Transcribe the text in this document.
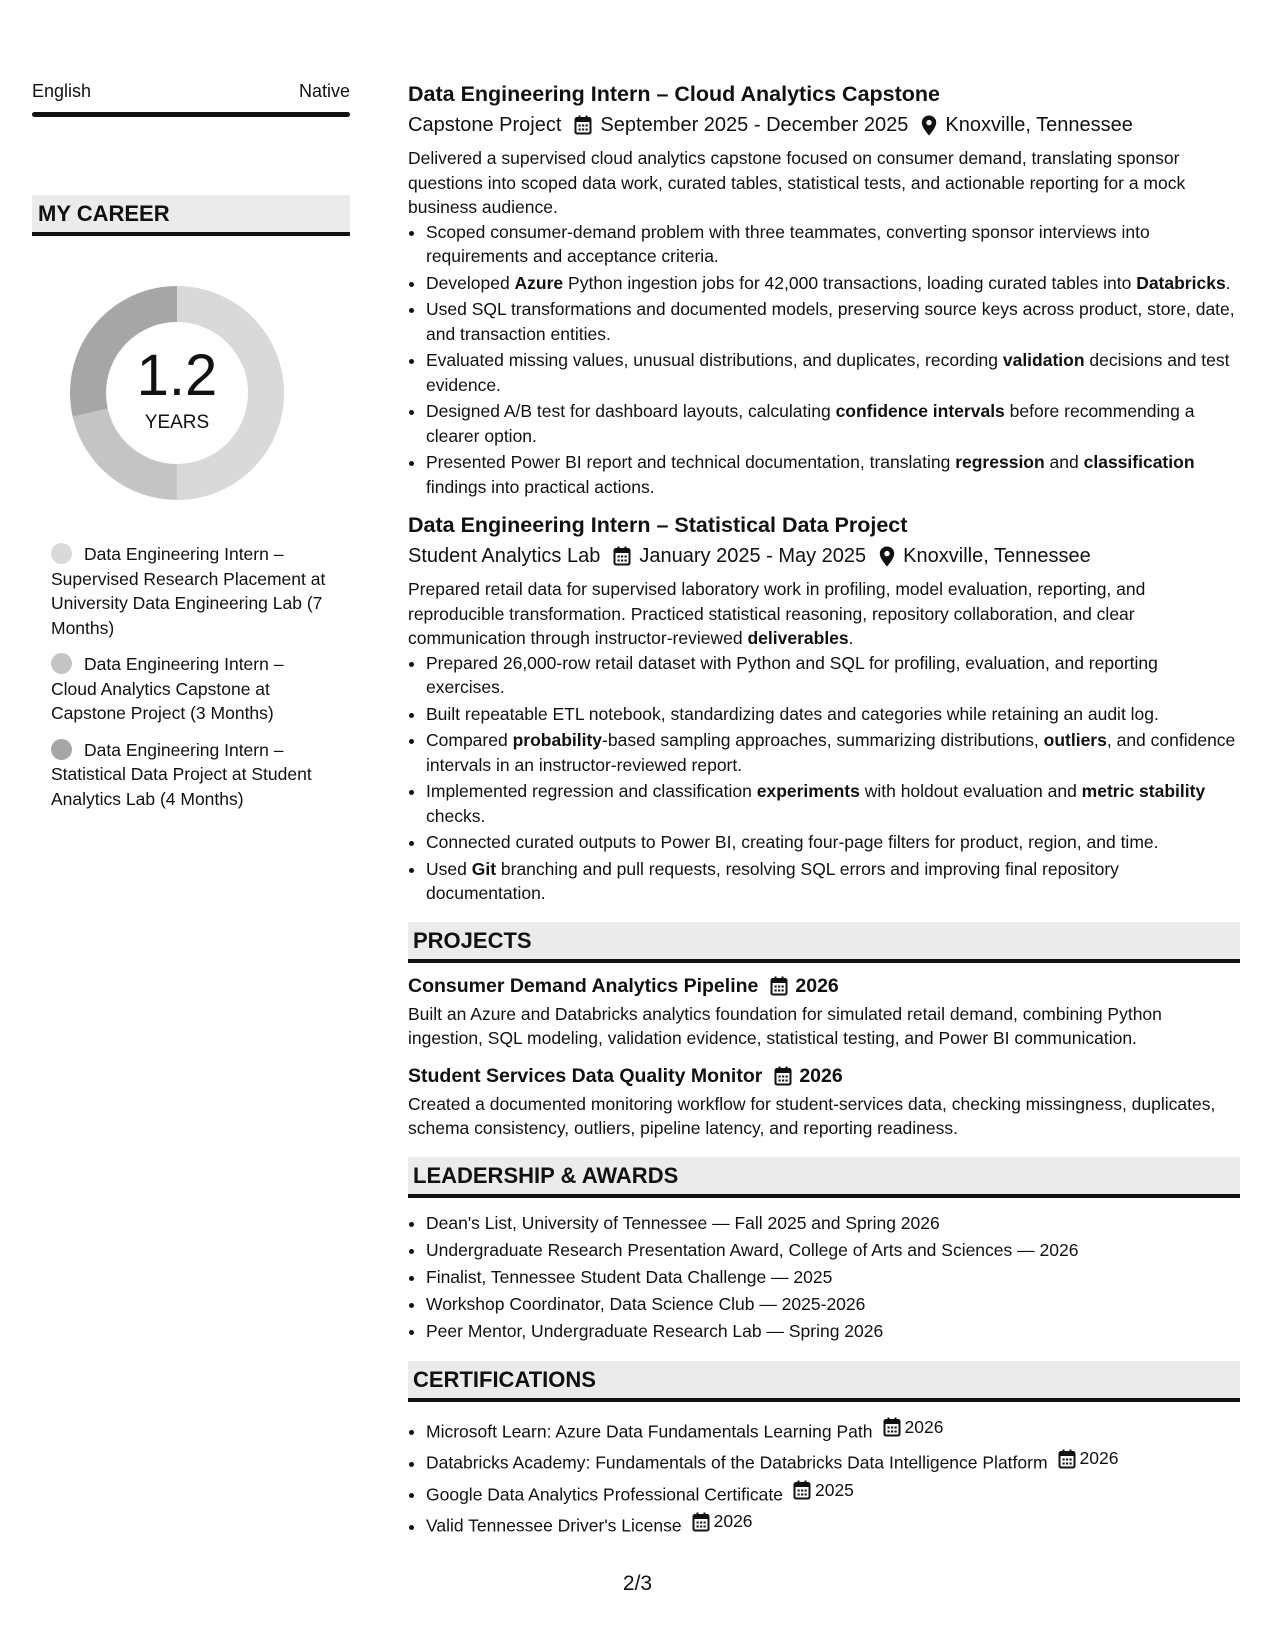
English	Native
MY CAREER
1.2
YEARS
Data Engineering Intern – Supervised Research Placement at University Data Engineering Lab (7 Months)
Data Engineering Intern – Cloud Analytics Capstone at Capstone Project (3 Months)
Data Engineering Intern – Statistical Data Project at Student Analytics Lab (4 Months)
Data Engineering Intern – Cloud Analytics Capstone
Capstone Project September 2025 - December 2025 Knoxville, Tennessee
Delivered a supervised cloud analytics capstone focused on consumer demand, translating sponsor questions into scoped data work, curated tables, statistical tests, and actionable reporting for a mock business audience.
• Scoped consumer-demand problem with three teammates, converting sponsor interviews into requirements and acceptance criteria.
• Developed Azure Python ingestion jobs for 42,000 transactions, loading curated tables into Databricks.
• Used SQL transformations and documented models, preserving source keys across product, store, date, and transaction entities.
• Evaluated missing values, unusual distributions, and duplicates, recording validation decisions and test evidence.
• Designed A/B test for dashboard layouts, calculating confidence intervals before recommending a clearer option.
• Presented Power BI report and technical documentation, translating regression and classification findings into practical actions.
Data Engineering Intern – Statistical Data Project
Student Analytics Lab January 2025 - May 2025 Knoxville, Tennessee
Prepared retail data for supervised laboratory work in profiling, model evaluation, reporting, and reproducible transformation. Practiced statistical reasoning, repository collaboration, and clear communication through instructor-reviewed deliverables.
• Prepared 26,000-row retail dataset with Python and SQL for profiling, evaluation, and reporting exercises.
• Built repeatable ETL notebook, standardizing dates and categories while retaining an audit log.
• Compared probability-based sampling approaches, summarizing distributions, outliers, and confidence intervals in an instructor-reviewed report.
• Implemented regression and classification experiments with holdout evaluation and metric stability checks.
• Connected curated outputs to Power BI, creating four-page filters for product, region, and time.
• Used Git branching and pull requests, resolving SQL errors and improving final repository documentation.
PROJECTS
Consumer Demand Analytics Pipeline 2026
Built an Azure and Databricks analytics foundation for simulated retail demand, combining Python ingestion, SQL modeling, validation evidence, statistical testing, and Power BI communication.
Student Services Data Quality Monitor 2026
Created a documented monitoring workflow for student-services data, checking missingness, duplicates, schema consistency, outliers, pipeline latency, and reporting readiness.
LEADERSHIP & AWARDS
• Dean's List, University of Tennessee — Fall 2025 and Spring 2026
• Undergraduate Research Presentation Award, College of Arts and Sciences — 2026
• Finalist, Tennessee Student Data Challenge — 2025
• Workshop Coordinator, Data Science Club — 2025-2026
• Peer Mentor, Undergraduate Research Lab — Spring 2026
CERTIFICATIONS
• Microsoft Learn: Azure Data Fundamentals Learning Path 2026
• Databricks Academy: Fundamentals of the Databricks Data Intelligence Platform 2026
• Google Data Analytics Professional Certificate 2025
• Valid Tennessee Driver's License 2026
2/3
